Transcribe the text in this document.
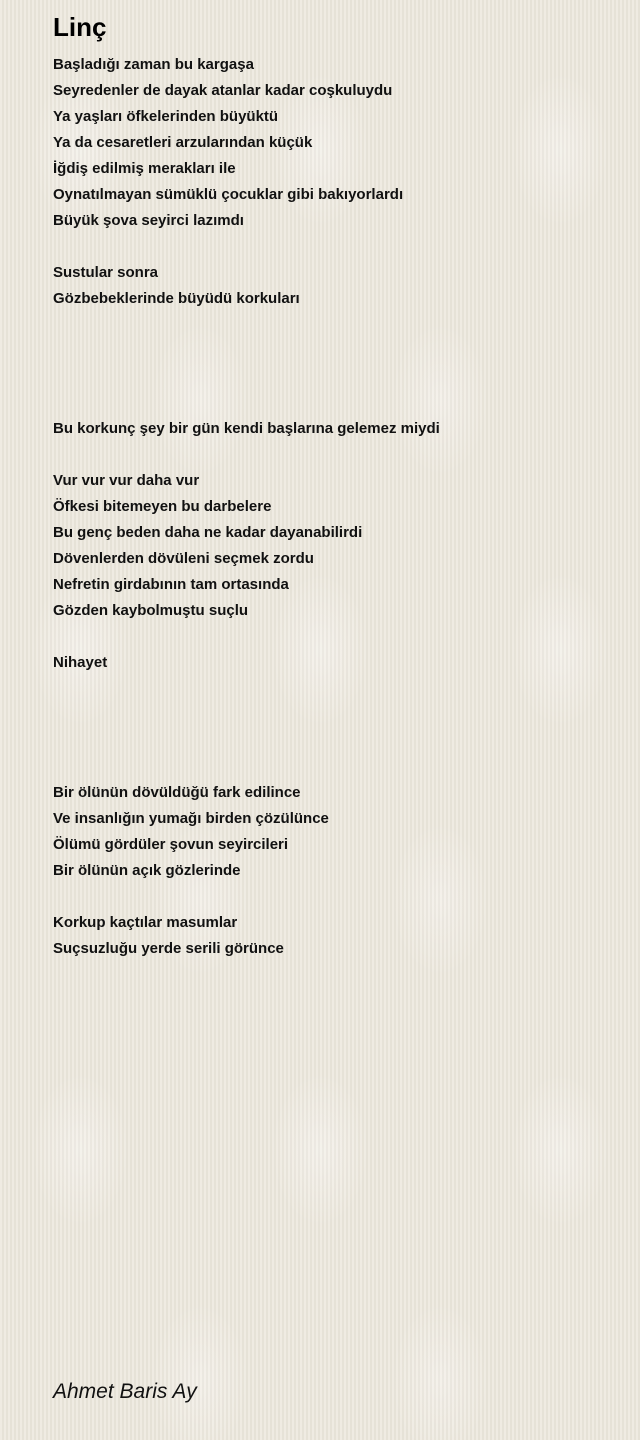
Linç
Başladığı zaman bu kargaşa
Seyredenler de dayak atanlar kadar coşkuluydu
Ya yaşları öfkelerinden büyüktü
Ya da cesaretleri arzularından küçük
İğdiş edilmiş merakları ile
Oynatılmayan sümüklü çocuklar gibi bakıyorlardı
Büyük şova seyirci lazımdı
Sustular sonra
Gözbebeklerinde büyüdü korkuları
Bu korkunç şey bir gün kendi başlarına gelemez miydi
Vur vur vur daha vur
Öfkesi bitemeyen bu darbelere
Bu genç beden daha ne kadar dayanabilirdi
Dövenlerden dövüleni seçmek zordu
Nefretin girdabının tam ortasında
Gözden kaybolmuştu suçlu
Nihayet
Bir ölünün dövüldüğü fark edilince
Ve insanlığın yumağı birden çözülünce
Ölümü gördüler şovun seyircileri
Bir ölünün açık gözlerinde
Korkup kaçtılar masumlar
Suçsuzluğu yerde serili görünce
Ahmet Baris Ay
